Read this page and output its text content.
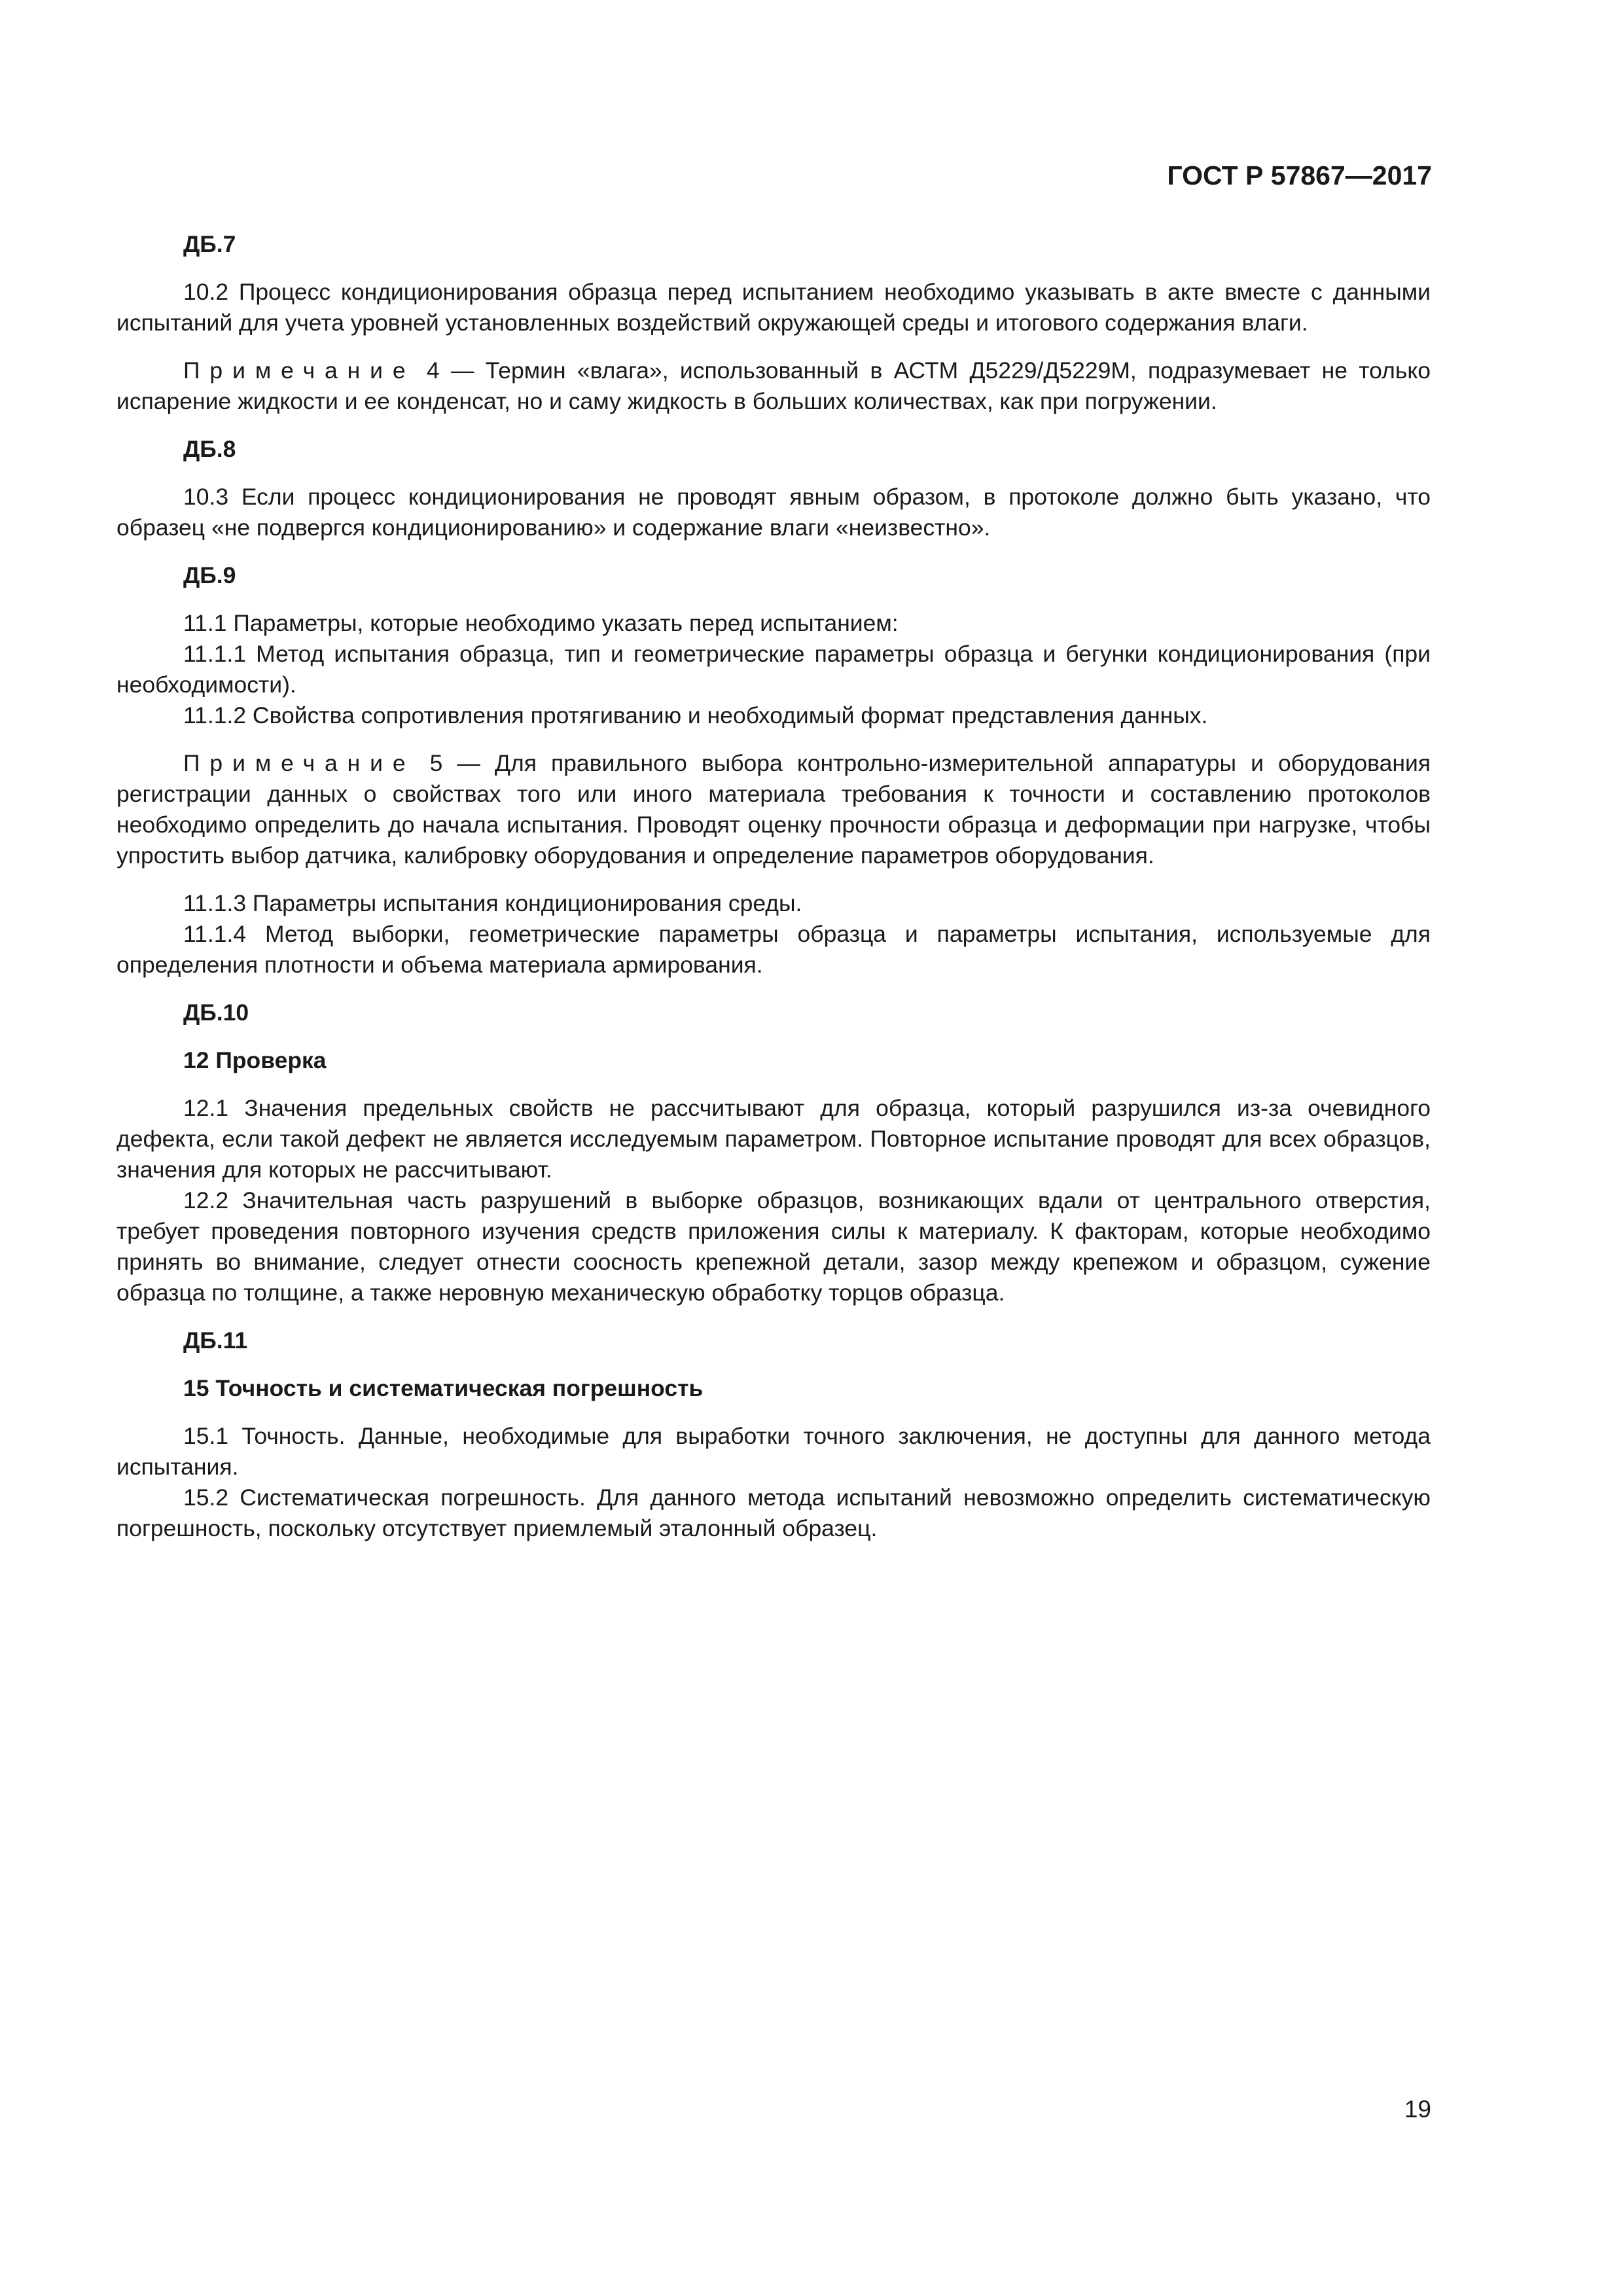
ГОСТ Р 57867—2017
ДБ.7

10.2 Процесс кондиционирования образца перед испытанием необходимо указывать в акте вместе с данными испытаний для учета уровней установленных воздействий окружающей среды и итогового содержания влаги.

Примечание 4 — Термин «влага», использованный в АСТМ Д5229/Д5229М, подразумевает не только испарение жидкости и ее конденсат, но и саму жидкость в больших количествах, как при погружении.

ДБ.8

10.3 Если процесс кондиционирования не проводят явным образом, в протоколе должно быть указано, что образец «не подвергся кондиционированию» и содержание влаги «неизвестно».

ДБ.9

11.1 Параметры, которые необходимо указать перед испытанием:

11.1.1 Метод испытания образца, тип и геометрические параметры образца и бегунки кондиционирования (при необходимости).

11.1.2 Свойства сопротивления протягиванию и необходимый формат представления данных.

Примечание 5 — Для правильного выбора контрольно-измерительной аппаратуры и оборудования регистрации данных о свойствах того или иного материала требования к точности и составлению протоколов необходимо определить до начала испытания. Проводят оценку прочности образца и деформации при нагрузке, чтобы упростить выбор датчика, калибровку оборудования и определение параметров оборудования.

11.1.3 Параметры испытания кондиционирования среды.

11.1.4 Метод выборки, геометрические параметры образца и параметры испытания, используемые для определения плотности и объема материала армирования.

ДБ.10
12 Проверка

12.1 Значения предельных свойств не рассчитывают для образца, который разрушился из-за очевидного дефекта, если такой дефект не является исследуемым параметром. Повторное испытание проводят для всех образцов, значения для которых не рассчитывают.

12.2 Значительная часть разрушений в выборке образцов, возникающих вдали от центрального отверстия, требует проведения повторного изучения средств приложения силы к материалу. К факторам, которые необходимо принять во внимание, следует отнести соосность крепежной детали, зазор между крепежом и образцом, сужение образца по толщине, а также неровную механическую обработку торцов образца.

ДБ.11
15 Точность и систематическая погрешность

15.1 Точность. Данные, необходимые для выработки точного заключения, не доступны для данного метода испытания.

15.2 Систематическая погрешность. Для данного метода испытаний невозможно определить систематическую погрешность, поскольку отсутствует приемлемый эталонный образец.

19
